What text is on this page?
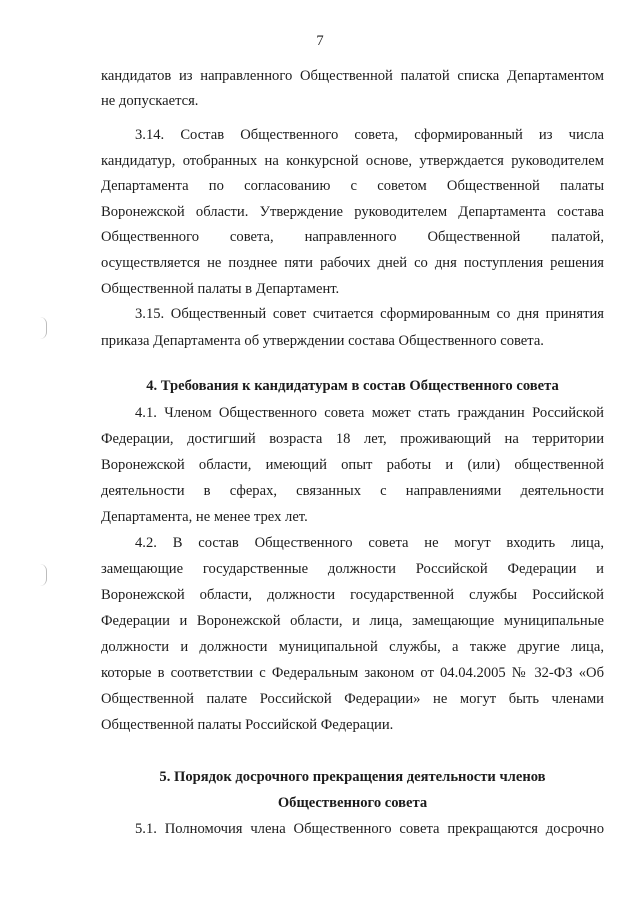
7
кандидатов из направленного Общественной палатой списка Департаментом
не допускается.
3.14. Состав Общественного совета, сформированный из числа
кандидатур, отобранных на конкурсной основе, утверждается руководителем
Департамента по согласованию с советом Общественной палаты
Воронежской области. Утверждение руководителем Департамента состава
Общественного совета, направленного Общественной палатой,
осуществляется не позднее пяти рабочих дней со дня поступления решения
Общественной палаты в Департамент.
3.15. Общественный совет считается сформированным со дня принятия
приказа Департамента об утверждении состава Общественного совета.
4. Требования к кандидатурам в состав Общественного совета
4.1. Членом Общественного совета может стать гражданин Российской
Федерации, достигший возраста 18 лет, проживающий на территории
Воронежской области, имеющий опыт работы и (или) общественной
деятельности в сферах, связанных с направлениями деятельности
Департамента, не менее трех лет.
4.2. В состав Общественного совета не могут входить лица,
замещающие государственные должности Российской Федерации и
Воронежской области, должности государственной службы Российской
Федерации и Воронежской области, и лица, замещающие муниципальные
должности и должности муниципальной службы, а также другие лица,
которые в соответствии с Федеральным законом от 04.04.2005 № 32-ФЗ «Об
Общественной палате Российской Федерации» не могут быть членами
Общественной палаты Российской Федерации.
5. Порядок досрочного прекращения деятельности членов
Общественного совета
5.1. Полномочия члена Общественного совета прекращаются досрочно
